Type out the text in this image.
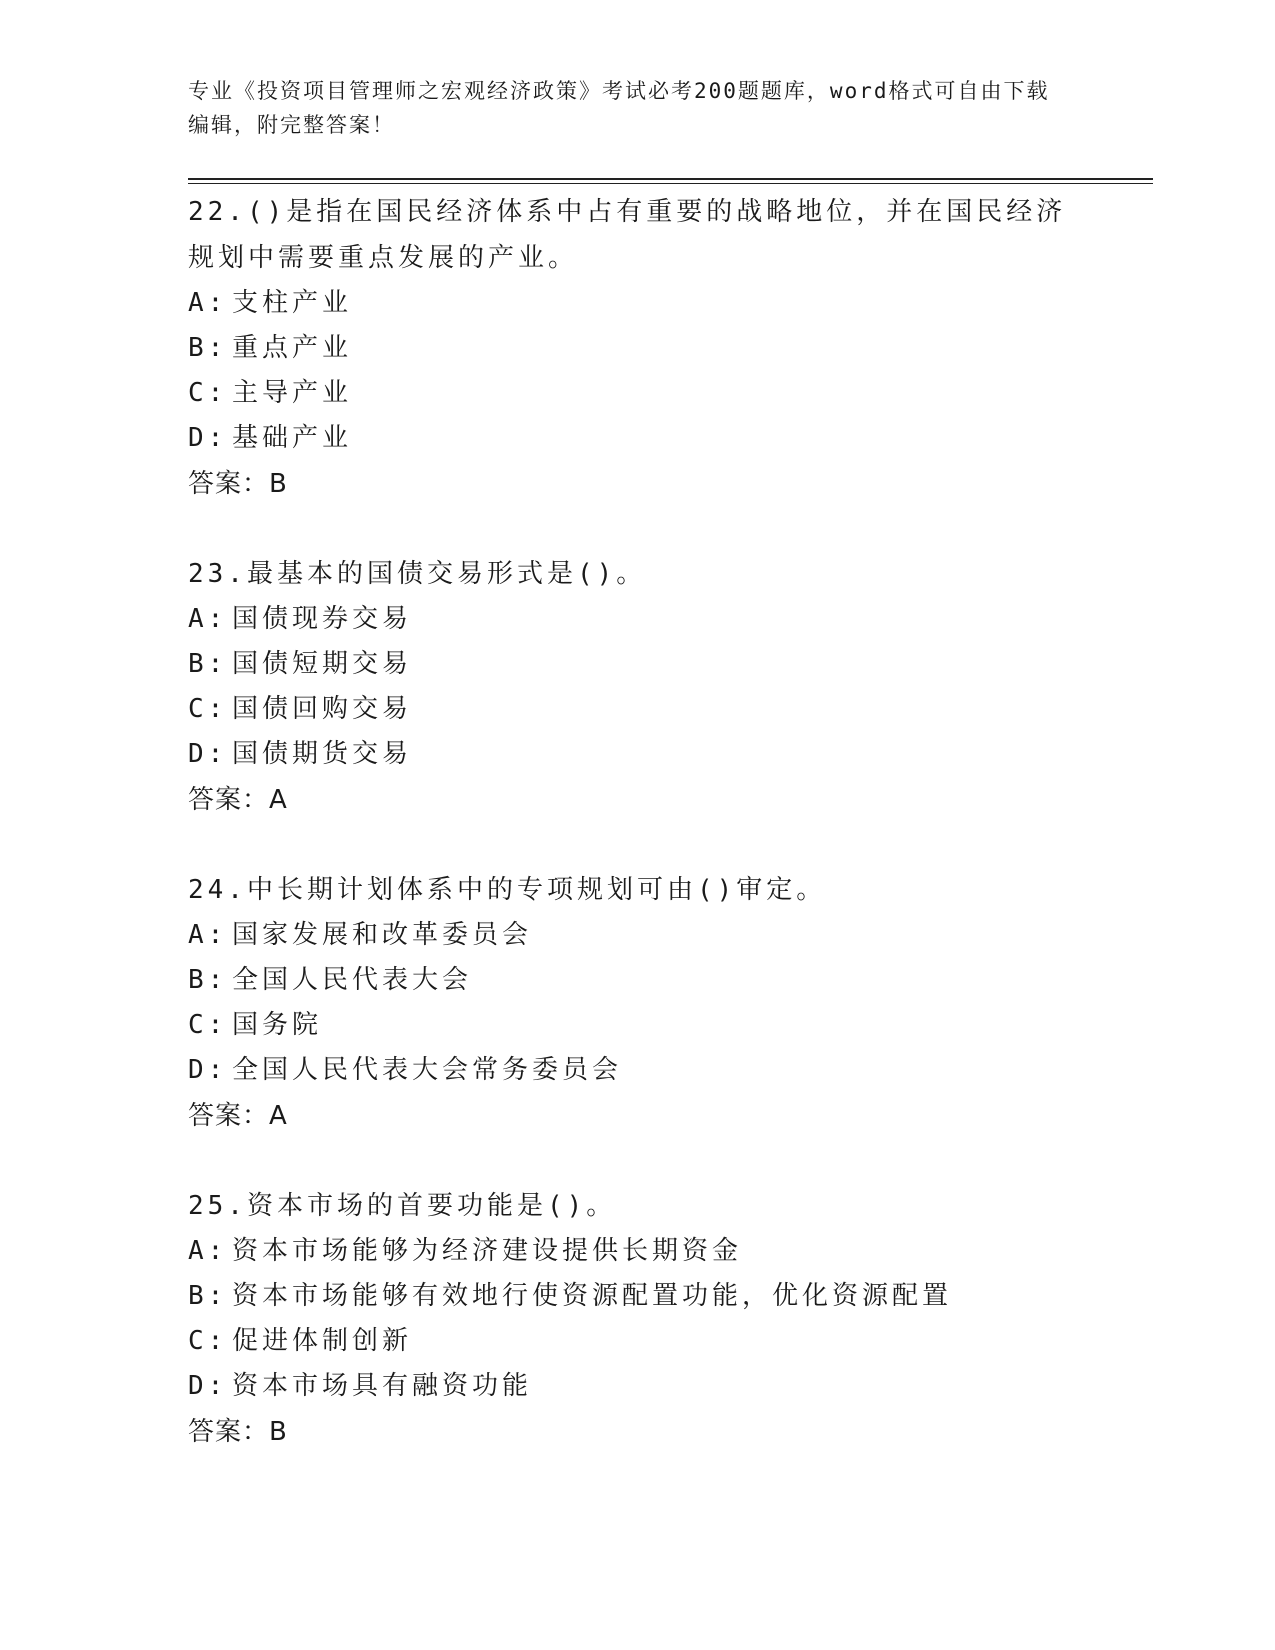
专业《投资项目管理师之宏观经济政策》考试必考200题题库，word格式可自由下载编辑，附完整答案！
22.()是指在国民经济体系中占有重要的战略地位，并在国民经济规划中需要重点发展的产业。
A: 支柱产业
B: 重点产业
C: 主导产业
D: 基础产业
答案：B
23.最基本的国债交易形式是()。
A: 国债现券交易
B: 国债短期交易
C: 国债回购交易
D: 国债期货交易
答案：A
24.中长期计划体系中的专项规划可由()审定。
A: 国家发展和改革委员会
B: 全国人民代表大会
C: 国务院
D: 全国人民代表大会常务委员会
答案：A
25.资本市场的首要功能是()。
A: 资本市场能够为经济建设提供长期资金
B: 资本市场能够有效地行使资源配置功能，优化资源配置
C: 促进体制创新
D: 资本市场具有融资功能
答案：B
